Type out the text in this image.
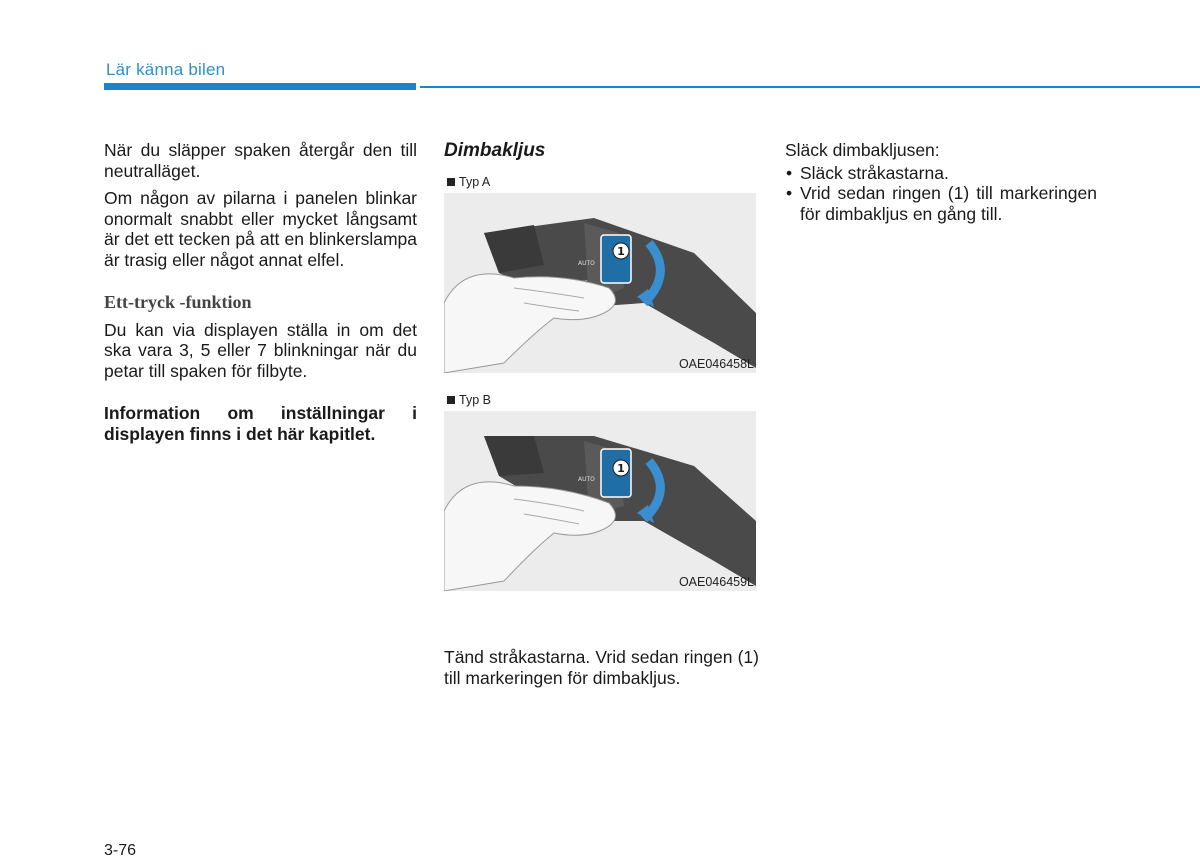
Lär känna bilen

När du släpper spaken återgår den till neutralläget.

Om någon av pilarna i panelen blinkar onormalt snabbt eller mycket långsamt är det ett tecken på att en blinkerslampa är trasig eller något annat elfel.

Ett-tryck -funktion

Du kan via displayen ställa in om det ska vara 3, 5 eller 7 blinkningar när du petar till spaken för filbyte.

Information om inställningar i displayen finns i det här kapitlet.

Dimbakljus

Typ A
1
AUTO
OAE046458L
Typ B
1
AUTO
OAE046459L

Tänd stråkastarna. Vrid sedan ringen (1) till markeringen för dimbakljus.

Släck dimbakljusen:

• Släck stråkastarna.
• Vrid sedan ringen (1) till markeringen för dimbakljus en gång till.
3-76
